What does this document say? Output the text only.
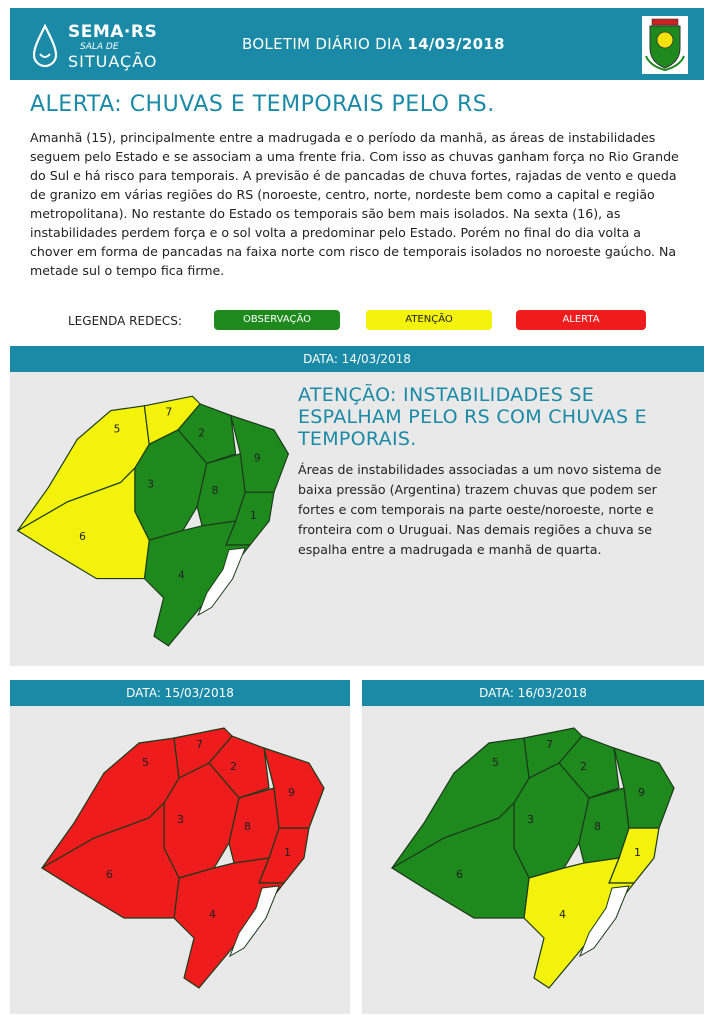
SEMA·RS
SALA DE
SITUAÇÃO
BOLETIM DIÁRIO DIA 14/03/2018
ALERTA: CHUVAS E TEMPORAIS PELO RS.
Amanhã (15), principalmente entre a madrugada e o período da manhã, as áreas de instabilidades seguem pelo Estado e se associam a uma frente fria. Com isso as chuvas ganham força no Rio Grande do Sul e há risco para temporais. A previsão é de pancadas de chuva fortes, rajadas de vento e queda de granizo em várias regiões do RS (noroeste, centro, norte, nordeste bem como a capital e região metropolitana). No restante do Estado os temporais são bem mais isolados. Na sexta (16), as instabilidades perdem força e o sol volta a predominar pelo Estado. Porém no final do dia volta a chover em forma de pancadas na faixa norte com risco de temporais isolados no noroeste gaúcho. Na metade sul o tempo fica firme.
LEGENDA REDECS:	OBSERVAÇÃO	ATENÇÃO	ALERTA
DATA: 14/03/2018
1
2
3
4
5
6
7
8
9
ATENÇÃO: INSTABILIDADES SE ESPALHAM PELO RS COM CHUVAS E TEMPORAIS.
Áreas de instabilidades associadas a um novo sistema de baixa pressão (Argentina) trazem chuvas que podem ser fortes e com temporais na parte oeste/noroeste, norte e fronteira com o Uruguai. Nas demais regiões a chuva se espalha entre a madrugada e manhã de quarta.
DATA: 15/03/2018
1
2
3
4
5
6
7
8
9
DATA: 16/03/2018
1
2
3
4
5
6
7
8
9
